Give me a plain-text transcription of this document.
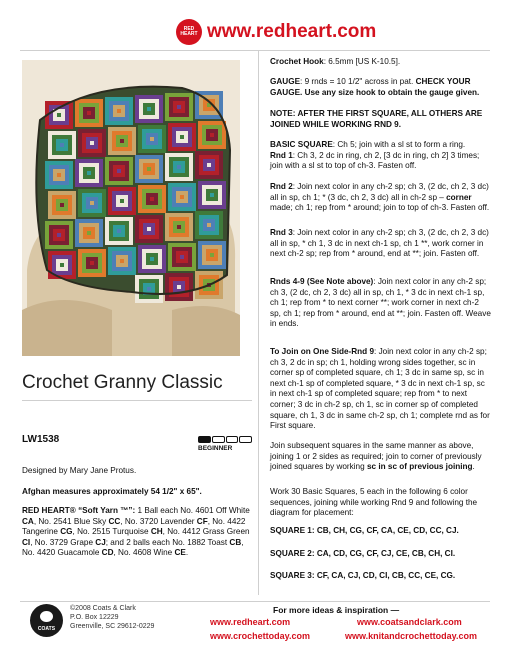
RED
HEART www.redheart.com
Crochet Granny Classic
LW1538
BEGINNER
Designed by Mary Jane Protus.
Afghan measures approximately 54 1/2" x 65".
RED HEART® “Soft Yarn ™”: 1 Ball each No. 4601 Off White CA, No. 2541 Blue Sky CC, No. 3720 Lavender CF, No. 4422 Tangerine CG, No. 2515 Turquoise CH, No. 4412 Grass Green CI, No. 3729 Grape CJ; and 2 balls each No. 1882 Toast CB, No. 4420 Guacamole CD, No. 4608 Wine CE.
Crochet Hook: 6.5mm [US K-10.5].
GAUGE: 9 rnds = 10 1/2" across in pat. CHECK YOUR GAUGE. Use any size hook to obtain the gauge given.
NOTE: AFTER THE FIRST SQUARE, ALL OTHERS ARE JOINED WHILE WORKING RND 9.
BASIC SQUARE: Ch 5; join with a sl st to form a ring.
Rnd 1: Ch 3, 2 dc in ring, ch 2, [3 dc in ring, ch 2] 3 times; join with a sl st to top of ch-3. Fasten off.
Rnd 2: Join next color in any ch-2 sp; ch 3, (2 dc, ch 2, 3 dc) all in sp, ch 1; * (3 dc, ch 2, 3 dc) all in ch-2 sp – corner made; ch 1; rep from * around; join to top of ch-3. Fasten off.
Rnd 3: Join next color in any ch-2 sp; ch 3, (2 dc, ch 2, 3 dc) all in sp, * ch 1, 3 dc in next ch-1 sp, ch 1 **, work corner in next ch-2 sp; rep from * around, end at **; join. Fasten off.
Rnds 4-9 (See Note above): Join next color in any ch-2 sp; ch 3, (2 dc, ch 2, 3 dc) all in sp, ch 1, * 3 dc in next ch-1 sp, ch 1; rep from * to next corner **; work corner in next ch-2 sp, ch 1; rep from * around, end at **; join. Fasten off. Weave in ends.
To Join on One Side-Rnd 9: Join next color in any ch-2 sp; ch 3, 2 dc in sp; ch 1, holding wrong sides together, sc in corner sp of completed square, ch 1; 3 dc in same sp, sc in next ch-1 sp of completed square, * 3 dc in next ch-1 sp, sc in next ch-1 sp of completed square; rep from * to next corner; 3 dc in ch-2 sp, ch 1, sc in corner sp of completed square, ch 1, 3 dc in same ch-2 sp, ch 1; complete rnd as for First square.
Join subsequent squares in the same manner as above, joining 1 or 2 sides as required; join to corner of previously joined squares by working sc in sc of previous joining.
Work 30 Basic Squares, 5 each in the following 6 color sequences, joining while working Rnd 9 and following the diagram for placement:
SQUARE 1: CB, CH, CG, CF, CA, CE, CD, CC, CJ.
SQUARE 2: CA, CD, CG, CF, CJ, CE, CB, CH, CI.
SQUARE 3: CF, CA, CJ, CD, CI, CB, CC, CE, CG.
COATS
©2008 Coats & Clark
P.O. Box 12229
Greenville, SC 29612-0229
For more ideas & inspiration —
www.redheart.com	www.coatsandclark.com
www.crochettoday.com	www.knitandcrochettoday.com
